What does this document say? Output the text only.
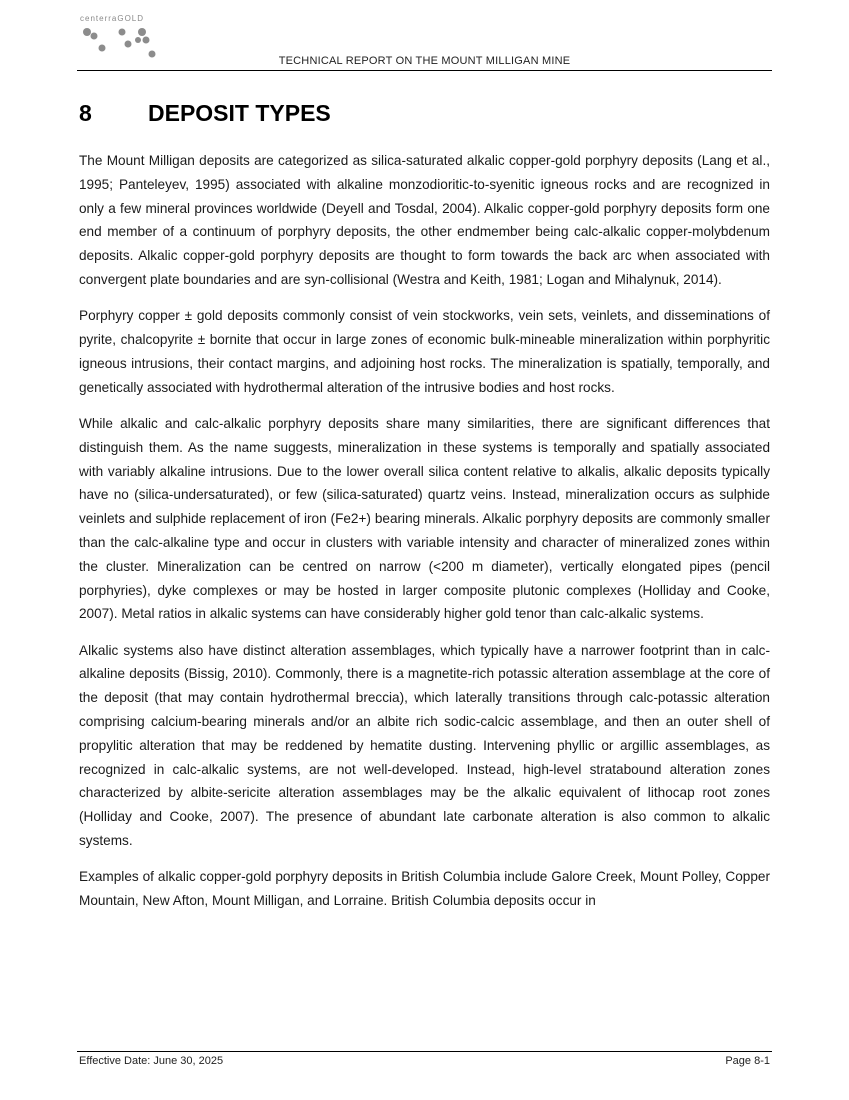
centerraGOLD
TECHNICAL REPORT ON THE MOUNT MILLIGAN MINE
8 DEPOSIT TYPES

The Mount Milligan deposits are categorized as silica-saturated alkalic copper-gold porphyry deposits (Lang et al., 1995; Panteleyev, 1995) associated with alkaline monzodioritic-to-syenitic igneous rocks and are recognized in only a few mineral provinces worldwide (Deyell and Tosdal, 2004). Alkalic copper-gold porphyry deposits form one end member of a continuum of porphyry deposits, the other endmember being calc-alkalic copper-molybdenum deposits. Alkalic copper-gold porphyry deposits are thought to form towards the back arc when associated with convergent plate boundaries and are syn-collisional (Westra and Keith, 1981; Logan and Mihalynuk, 2014).

Porphyry copper ± gold deposits commonly consist of vein stockworks, vein sets, veinlets, and disseminations of pyrite, chalcopyrite ± bornite that occur in large zones of economic bulk-mineable mineralization within porphyritic igneous intrusions, their contact margins, and adjoining host rocks. The mineralization is spatially, temporally, and genetically associated with hydrothermal alteration of the intrusive bodies and host rocks.

While alkalic and calc-alkalic porphyry deposits share many similarities, there are significant differences that distinguish them. As the name suggests, mineralization in these systems is temporally and spatially associated with variably alkaline intrusions. Due to the lower overall silica content relative to alkalis, alkalic deposits typically have no (silica-undersaturated), or few (silica-saturated) quartz veins. Instead, mineralization occurs as sulphide veinlets and sulphide replacement of iron (Fe2+) bearing minerals. Alkalic porphyry deposits are commonly smaller than the calc-alkaline type and occur in clusters with variable intensity and character of mineralized zones within the cluster. Mineralization can be centred on narrow (<200 m diameter), vertically elongated pipes (pencil porphyries), dyke complexes or may be hosted in larger composite plutonic complexes (Holliday and Cooke, 2007). Metal ratios in alkalic systems can have considerably higher gold tenor than calc-alkalic systems.

Alkalic systems also have distinct alteration assemblages, which typically have a narrower footprint than in calc-alkaline deposits (Bissig, 2010). Commonly, there is a magnetite-rich potassic alteration assemblage at the core of the deposit (that may contain hydrothermal breccia), which laterally transitions through calc-potassic alteration comprising calcium-bearing minerals and/or an albite rich sodic-calcic assemblage, and then an outer shell of propylitic alteration that may be reddened by hematite dusting. Intervening phyllic or argillic assemblages, as recognized in calc-alkalic systems, are not well-developed. Instead, high-level stratabound alteration zones characterized by albite-sericite alteration assemblages may be the alkalic equivalent of lithocap root zones (Holliday and Cooke, 2007). The presence of abundant late carbonate alteration is also common to alkalic systems.

Examples of alkalic copper-gold porphyry deposits in British Columbia include Galore Creek, Mount Polley, Copper Mountain, New Afton, Mount Milligan, and Lorraine. British Columbia deposits occur in

Effective Date: June 30, 2025	Page 8-1
